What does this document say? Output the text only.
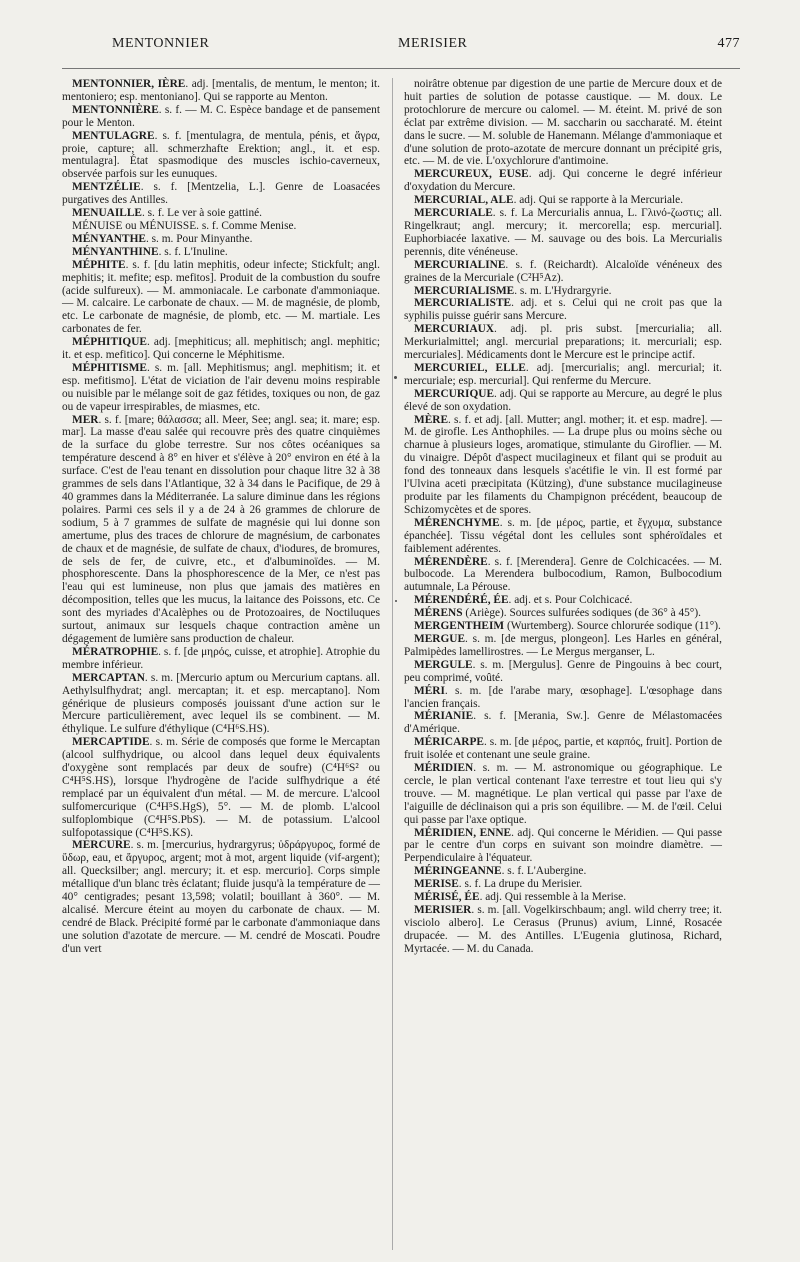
MENTONNIER	MERISIER	477

MENTONNIER, IÈRE. adj. [mentalis, de mentum, le menton; it. mentoniero; esp. mentoniano]. Qui se rapporte au Menton.

MENTONNIÈRE. s. f. — M. C. Espèce bandage et de pansement pour le Menton.

MENTULAGRE. s. f. [mentulagra, de mentula, pénis, et ἄγρα, proie, capture; all. schmerzhafte Erektion; angl., it. et esp. mentulagra]. État spasmodique des muscles ischio-caverneux, observée parfois sur les eunuques.

MENTZÉLIE. s. f. [Mentzelia, L.]. Genre de Loasacées purgatives des Antilles.

MENUAILLE. s. f. Le ver à soie gattiné.

MÉNUISE ou MÉNUISSE. s. f. Comme Menise.

MÉNYANTHE. s. m. Pour Minyanthe.

MÉNYANTHINE. s. f. L'Inuline.

MÉPHITE. s. f. [du latin mephitis, odeur infecte; Stickfult; angl. mephitis; it. mefite; esp. mefitos]. Produit de la combustion du soufre (acide sulfureux). — M. ammoniacale. Le carbonate d'ammoniaque. — M. calcaire. Le carbonate de chaux. — M. de magnésie, de plomb, etc. Le carbonate de magnésie, de plomb, etc. — M. martiale. Les carbonates de fer.

MÉPHITIQUE. adj. [mephiticus; all. mephitisch; angl. mephitic; it. et esp. mefitico]. Qui concerne le Méphitisme.

MÉPHITISME. s. m. [all. Mephitismus; angl. mephitism; it. et esp. mefitismo]. L'état de viciation de l'air devenu moins respirable ou nuisible par le mélange soit de gaz fétides, toxiques ou non, de gaz ou de vapeur irrespirables, de miasmes, etc.

MER. s. f. [mare; θάλασσα; all. Meer, See; angl. sea; it. mare; esp. mar]. La masse d'eau salée qui recouvre près des quatre cinquièmes de la surface du globe terrestre. Sur nos côtes océaniques sa température descend à 8° en hiver et s'élève à 20° environ en été à la surface. C'est de l'eau tenant en dissolution pour chaque litre 32 à 38 grammes de sels dans l'Atlantique, 32 à 34 dans le Pacifique, de 29 à 40 grammes dans la Méditerranée. La salure diminue dans les régions polaires. Parmi ces sels il y a de 24 à 26 grammes de chlorure de sodium, 5 à 7 grammes de sulfate de magnésie qui lui donne son amertume, plus des traces de chlorure de magnésium, de carbonates de chaux et de magnésie, de sulfate de chaux, d'iodures, de bromures, de sels de fer, de cuivre, etc., et d'albuminoïdes. — M. phosphorescente. Dans la phosphorescence de la Mer, ce n'est pas l'eau qui est lumineuse, non plus que jamais des matières en décomposition, telles que les mucus, la laitance des Poissons, etc. Ce sont des myriades d'Acalèphes ou de Protozoaires, de Noctiluques surtout, animaux sur lesquels chaque contraction amène un dégagement de lumière sans production de chaleur.

MÉRATROPHIE. s. f. [de μηρός, cuisse, et atrophie]. Atrophie du membre inférieur.

MERCAPTAN. s. m. [Mercurio aptum ou Mercurium captans. all. Aethylsulfhydrat; angl. mercaptan; it. et esp. mercaptano]. Nom générique de plusieurs composés jouissant d'une action sur le Mercure particulièrement, avec lequel ils se combinent. — M. éthylique. Le sulfure d'éthylique (C⁴H⁶S.HS).

MERCAPTIDE. s. m. Série de composés que forme le Mercaptan (alcool sulfhydrique, ou alcool dans lequel deux équivalents d'oxygène sont remplacés par deux de soufre) (C⁴H⁶S² ou C⁴H⁵S.HS), lorsque l'hydrogène de l'acide sulfhydrique a été remplacé par un équivalent d'un métal. — M. de mercure. L'alcool sulfomercurique (C⁴H⁵S.HgS), 5°. — M. de plomb. L'alcool sulfoplombique (C⁴H⁵S.PbS). — M. de potassium. L'alcool sulfopotassique (C⁴H⁵S.KS).

MERCURE. s. m. [mercurius, hydrargyrus; ὑδράργυρος, formé de ὕδωρ, eau, et ἄργυρος, argent; mot à mot, argent liquide (vif-argent); all. Quecksilber; angl. mercury; it. et esp. mercurio]. Corps simple métallique d'un blanc très éclatant; fluide jusqu'à la température de — 40° centigrades; pesant 13,598; volatil; bouillant à 360°. — M. alcalisé. Mercure éteint au moyen du carbonate de chaux. — M. cendré de Black. Précipité formé par le carbonate d'ammoniaque dans une solution d'azotate de mercure. — M. cendré de Moscati. Poudre d'un vert

noirâtre obtenue par digestion de une partie de Mercure doux et de huit parties de solution de potasse caustique. — M. doux. Le protochlorure de mercure ou calomel. — M. éteint. M. privé de son éclat par extrême division. — M. saccharin ou saccharaté. M. éteint dans le sucre. — M. soluble de Hanemann. Mélange d'ammoniaque et d'une solution de proto-azotate de mercure donnant un précipité gris, etc. — M. de vie. L'oxychlorure d'antimoine.

MERCUREUX, EUSE. adj. Qui concerne le degré inférieur d'oxydation du Mercure.

MERCURIAL, ALE. adj. Qui se rapporte à la Mercuriale.

MERCURIALE. s. f. La Mercurialis annua, L. Γλινό-ζωστις; all. Ringelkraut; angl. mercury; it. mercorella; esp. mercurial]. Euphorbiacée laxative. — M. sauvage ou des bois. La Mercurialis perennis, dite vénéneuse.

MERCURIALINE. s. f. (Reichardt). Alcaloïde vénéneux des graines de la Mercuriale (C²H⁵Az).

MERCURIALISME. s. m. L'Hydrargyrie.

MERCURIALISTE. adj. et s. Celui qui ne croit pas que la syphilis puisse guérir sans Mercure.

MERCURIAUX. adj. pl. pris subst. [mercurialia; all. Merkurialmittel; angl. mercurial preparations; it. mercuriali; esp. mercuriales]. Médicaments dont le Mercure est le principe actif.

MERCURIEL, ELLE. adj. [mercurialis; angl. mercurial; it. mercuriale; esp. mercurial]. Qui renferme du Mercure.

MERCURIQUE. adj. Qui se rapporte au Mercure, au degré le plus élevé de son oxydation.

MÈRE. s. f. et adj. [all. Mutter; angl. mother; it. et esp. madre]. — M. de girofle. Les Anthophiles. — La drupe plus ou moins sèche ou charnue à plusieurs loges, aromatique, stimulante du Giroflier. — M. du vinaigre. Dépôt d'aspect mucilagineux et filant qui se produit au fond des tonneaux dans lesquels s'acétifie le vin. Il est formé par l'Ulvina aceti præcipitata (Kützing), d'une substance mucilagineuse produite par les filaments du Champignon précédent, beaucoup de Schizomycètes et de spores.

MÉRENCHYME. s. m. [de μέρος, partie, et ἔγχυμα, substance épanchée]. Tissu végétal dont les cellules sont sphéroïdales et faiblement adérentes.

MÉRENDÈRE. s. f. [Merendera]. Genre de Colchicacées. — M. bulbocode. La Merendera bulbocodium, Ramon, Bulbocodium autumnale, La Pérouse.

MÉRENDÉRÉ, ÉE. adj. et s. Pour Colchicacé.

MÉRENS (Ariège). Sources sulfurées sodiques (de 36° à 45°).

MERGENTHEIM (Wurtemberg). Source chlorurée sodique (11°).

MERGUE. s. m. [de mergus, plongeon]. Les Harles en général, Palmipèdes lamellirostres. — Le Mergus merganser, L.

MERGULE. s. m. [Mergulus]. Genre de Pingouins à bec court, peu comprimé, voûté.

MÉRI. s. m. [de l'arabe mary, œsophage]. L'œsophage dans l'ancien français.

MÉRIANIE. s. f. [Merania, Sw.]. Genre de Mélastomacées d'Amérique.

MÉRICARPE. s. m. [de μέρος, partie, et καρπός, fruit]. Portion de fruit isolée et contenant une seule graine.

MÉRIDIEN. s. m. — M. astronomique ou géographique. Le cercle, le plan vertical contenant l'axe terrestre et tout lieu qui s'y trouve. — M. magnétique. Le plan vertical qui passe par l'axe de l'aiguille de déclinaison qui a pris son équilibre. — M. de l'œil. Celui qui passe par l'axe optique.

MÉRIDIEN, ENNE. adj. Qui concerne le Méridien. — Qui passe par le centre d'un corps en suivant son moindre diamètre. — Perpendiculaire à l'équateur.

MÉRINGEANNE. s. f. L'Aubergine.

MERISE. s. f. La drupe du Merisier.

MÉRISÉ, ÉE. adj. Qui ressemble à la Merise.

MERISIER. s. m. [all. Vogelkirschbaum; angl. wild cherry tree; it. visciolo albero]. Le Cerasus (Prunus) avium, Linné, Rosacée drupacée. — M. des Antilles. L'Eugenia glutinosa, Richard, Myrtacée. — M. du Canada.
